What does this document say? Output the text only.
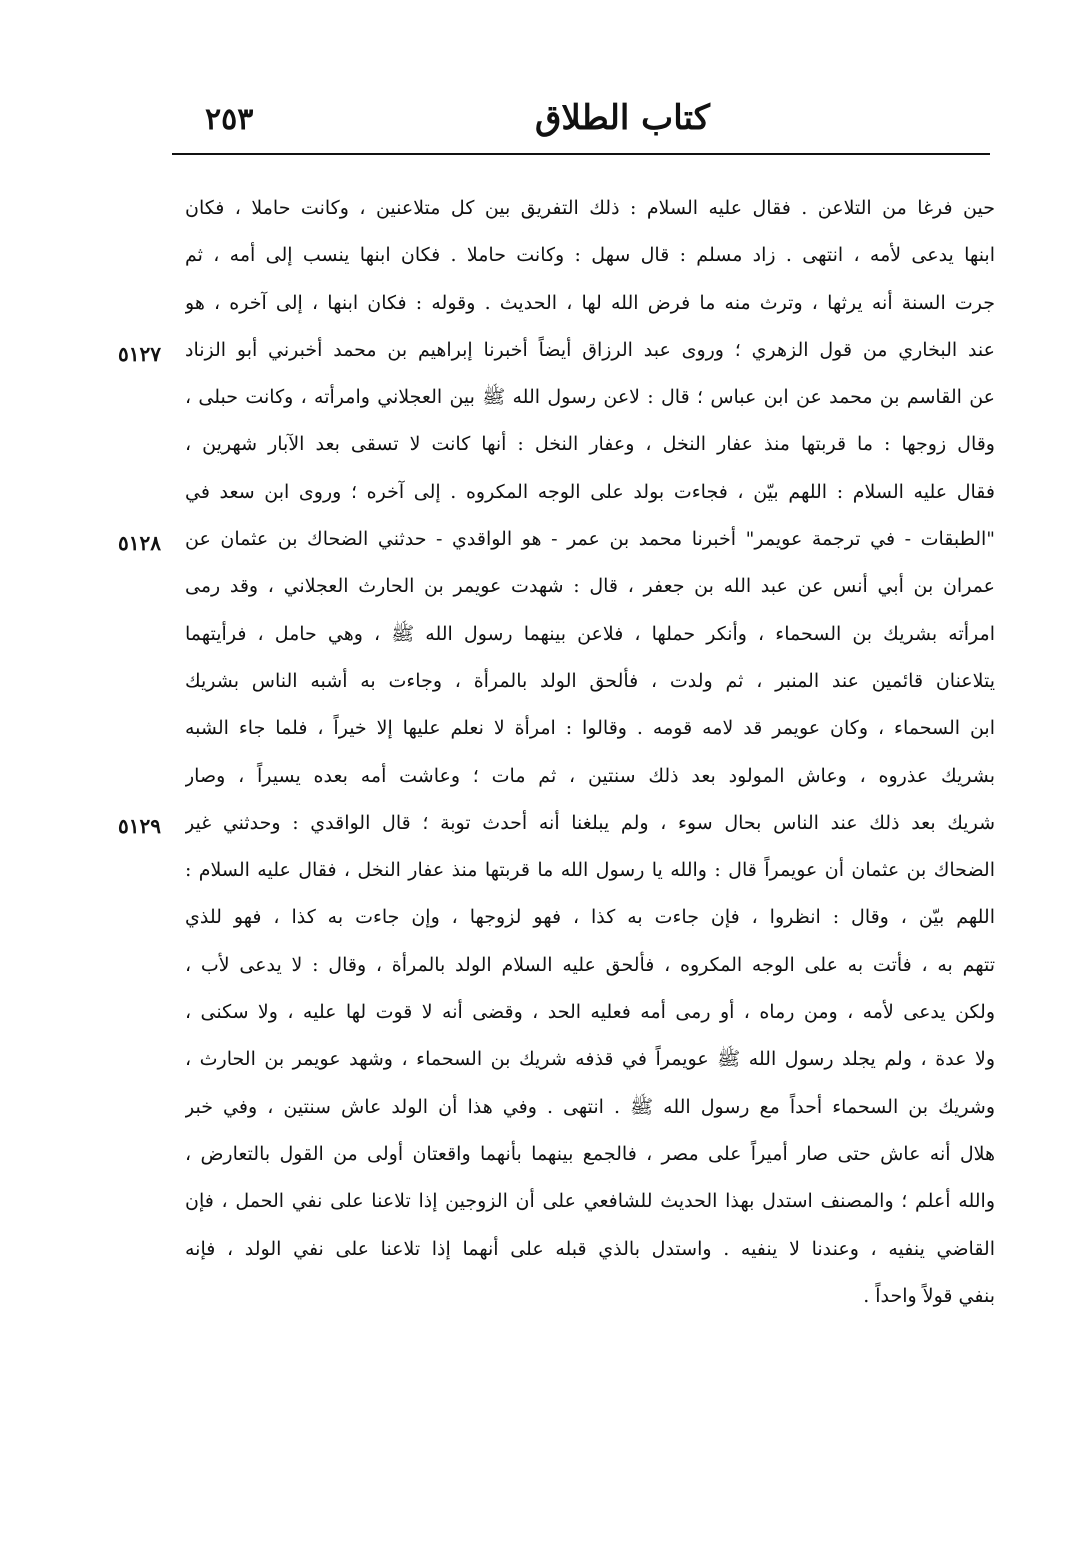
كتاب الطلاق
٢٥٣
٥١٢٧
٥١٢٨
٥١٢٩
حين فرغا من التلاعن . فقال عليه السلام : ذلك التفريق بين كل متلاعنين ، وكانت حاملا ، فكان
ابنها يدعى لأمه ، انتهى . زاد مسلم : قال سهل : وكانت حاملا . فكان ابنها ينسب إلى أمه ، ثم
جرت السنة أنه يرثها ، وترث منه ما فرض الله لها ، الحديث . وقوله : فكان ابنها ، إلى آخره ، هو
عند البخاري من قول الزهري ؛ وروى عبد الرزاق أيضاً أخبرنا إبراهيم بن محمد أخبرني أبو الزناد
عن القاسم بن محمد عن ابن عباس ؛ قال : لاعن رسول الله ﷺ بين العجلاني وامرأته ، وكانت حبلى ،
وقال زوجها : ما قربتها منذ عفار النخل ، وعفار النخل : أنها كانت لا تسقى بعد الآبار شهرين ،
فقال عليه السلام : اللهم بيّن ، فجاءت بولد على الوجه المكروه . إلى آخره ؛ وروى ابن سعد في
"الطبقات - في ترجمة عويمر" أخبرنا محمد بن عمر - هو الواقدي - حدثني الضحاك بن عثمان عن
عمران بن أبي أنس عن عبد الله بن جعفر ، قال : شهدت عويمر بن الحارث العجلاني ، وقد رمى
امرأته بشريك بن السحماء ، وأنكر حملها ، فلاعن بينهما رسول الله ﷺ ، وهي حامل ، فرأيتهما
يتلاعنان قائمين عند المنبر ، ثم ولدت ، فألحق الولد بالمرأة ، وجاءت به أشبه الناس بشريك
ابن السحماء ، وكان عويمر قد لامه قومه . وقالوا : امرأة لا نعلم عليها إلا خيراً ، فلما جاء الشبه
بشريك عذروه ، وعاش المولود بعد ذلك سنتين ، ثم مات ؛ وعاشت أمه بعده يسيراً ، وصار
شريك بعد ذلك عند الناس بحال سوء ، ولم يبلغنا أنه أحدث توبة ؛ قال الواقدي : وحدثني غير
الضحاك بن عثمان أن عويمراً قال : والله يا رسول الله ما قربتها منذ عفار النخل ، فقال عليه السلام :
اللهم بيّن ، وقال : انظروا ، فإن جاءت به كذا ، فهو لزوجها ، وإن جاءت به كذا ، فهو للذي
تتهم به ، فأتت به على الوجه المكروه ، فألحق عليه السلام الولد بالمرأة ، وقال : لا يدعى لأب ،
ولكن يدعى لأمه ، ومن رماه ، أو رمى أمه فعليه الحد ، وقضى أنه لا قوت لها عليه ، ولا سكنى ،
ولا عدة ، ولم يجلد رسول الله ﷺ عويمراً في قذفه شريك بن السحماء ، وشهد عويمر بن الحارث ،
وشريك بن السحماء أحداً مع رسول الله ﷺ . انتهى . وفي هذا أن الولد عاش سنتين ، وفي خبر
هلال أنه عاش حتى صار أميراً على مصر ، فالجمع بينهما بأنهما واقعتان أولى من القول بالتعارض ،
والله أعلم ؛ والمصنف استدل بهذا الحديث للشافعي على أن الزوجين إذا تلاعنا على نفي الحمل ، فإن
القاضي ينفيه ، وعندنا لا ينفيه . واستدل بالذي قبله على أنهما إذا تلاعنا على نفي الولد ، فإنه
بنفي قولاً واحداً .
